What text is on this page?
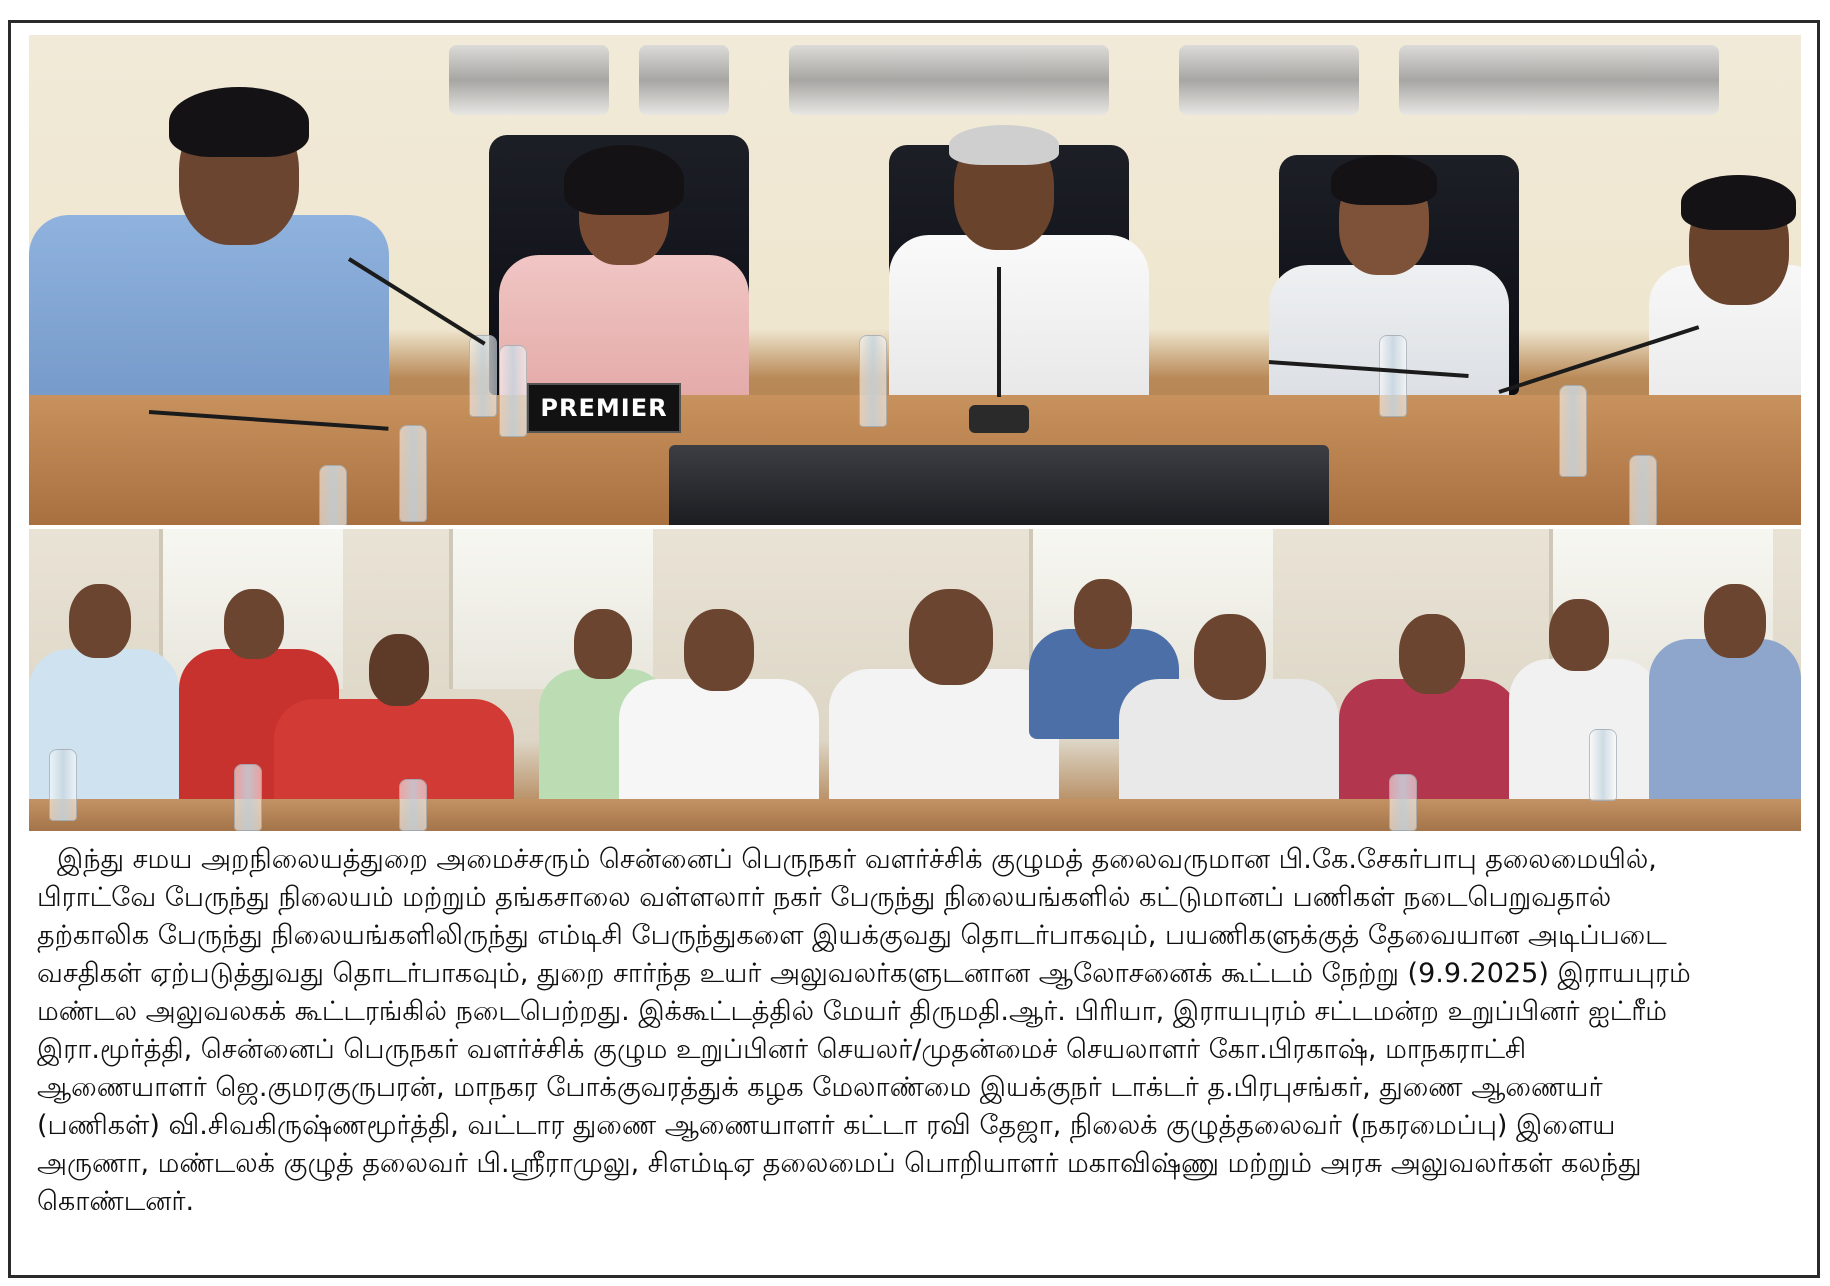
PREMIER
இந்து சமய அறநிலையத்துறை அமைச்சரும் சென்னைப் பெருநகர் வளர்ச்சிக் குழுமத் தலைவருமான பி.கே.சேகர்பாபு தலைமையில்,
பிராட்வே பேருந்து நிலையம் மற்றும் தங்கசாலை வள்ளலார் நகர் பேருந்து நிலையங்களில் கட்டுமானப் பணிகள் நடைபெறுவதால்
தற்காலிக பேருந்து நிலையங்களிலிருந்து எம்டிசி பேருந்துகளை இயக்குவது தொடர்பாகவும், பயணிகளுக்குத் தேவையான அடிப்படை
வசதிகள் ஏற்படுத்துவது தொடர்பாகவும், துறை சார்ந்த உயர் அலுவலர்களுடனான ஆலோசனைக் கூட்டம் நேற்று (9.9.2025) இராயபுரம்
மண்டல அலுவலகக் கூட்டரங்கில் நடைபெற்றது. இக்கூட்டத்தில் மேயர் திருமதி.ஆர். பிரியா, இராயபுரம் சட்டமன்ற உறுப்பினர் ஐட்ரீம்
இரா.மூர்த்தி, சென்னைப் பெருநகர் வளர்ச்சிக் குழும உறுப்பினர் செயலர்/முதன்மைச் செயலாளர் கோ.பிரகாஷ், மாநகராட்சி
ஆணையாளர் ஜெ.குமரகுருபரன், மாநகர போக்குவரத்துக் கழக மேலாண்மை இயக்குநர் டாக்டர் த.பிரபுசங்கர், துணை ஆணையர்
(பணிகள்) வி.சிவகிருஷ்ணமூர்த்தி, வட்டார துணை ஆணையாளர் கட்டா ரவி தேஜா, நிலைக் குழுத்தலைவர் (நகரமைப்பு) இளைய
அருணா, மண்டலக் குழுத் தலைவர் பி.ஸ்ரீராமுலு, சிஎம்டிஏ தலைமைப் பொறியாளர் மகாவிஷ்ணு மற்றும் அரசு அலுவலர்கள் கலந்து
கொண்டனர்.
